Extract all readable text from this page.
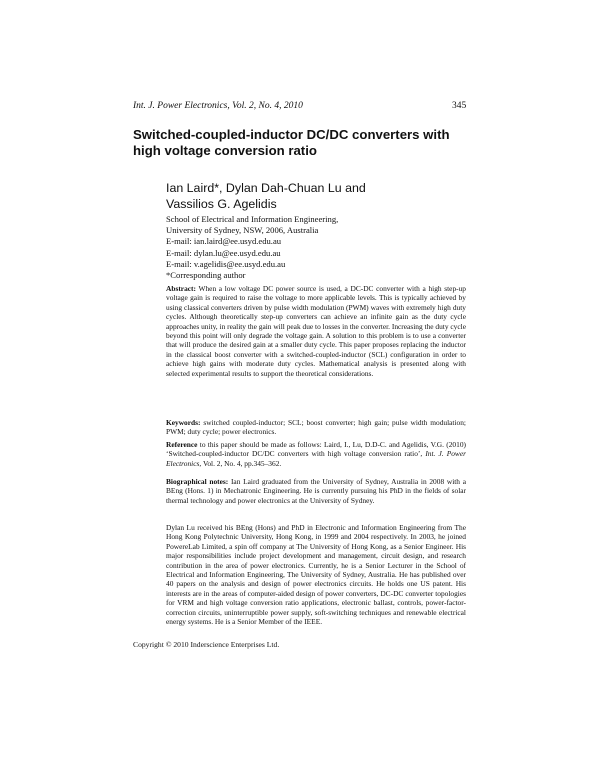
Int. J. Power Electronics, Vol. 2, No. 4, 2010	345
Switched-coupled-inductor DC/DC converters with high voltage conversion ratio
Ian Laird*, Dylan Dah-Chuan Lu and
Vassilios G. Agelidis
School of Electrical and Information Engineering,
University of Sydney, NSW, 2006, Australia
E-mail: ian.laird@ee.usyd.edu.au
E-mail: dylan.lu@ee.usyd.edu.au
E-mail: v.agelidis@ee.usyd.edu.au
*Corresponding author
Abstract: When a low voltage DC power source is used, a DC-DC converter with a high step-up voltage gain is required to raise the voltage to more applicable levels. This is typically achieved by using classical converters driven by pulse width modulation (PWM) waves with extremely high duty cycles. Although theoretically step-up converters can achieve an infinite gain as the duty cycle approaches unity, in reality the gain will peak due to losses in the converter. Increasing the duty cycle beyond this point will only degrade the voltage gain. A solution to this problem is to use a converter that will produce the desired gain at a smaller duty cycle. This paper proposes replacing the inductor in the classical boost converter with a switched-coupled-inductor (SCL) configuration in order to achieve high gains with moderate duty cycles. Mathematical analysis is presented along with selected experimental results to support the theoretical considerations.
Keywords: switched coupled-inductor; SCL; boost converter; high gain; pulse width modulation; PWM; duty cycle; power electronics.
Reference to this paper should be made as follows: Laird, I., Lu, D.D-C. and Agelidis, V.G. (2010) ‘Switched-coupled-inductor DC/DC converters with high voltage conversion ratio’, Int. J. Power Electronics, Vol. 2, No. 4, pp.345–362.
Biographical notes: Ian Laird graduated from the University of Sydney, Australia in 2008 with a BEng (Hons. 1) in Mechatronic Engineering. He is currently pursuing his PhD in the fields of solar thermal technology and power electronics at the University of Sydney.
Dylan Lu received his BEng (Hons) and PhD in Electronic and Information Engineering from The Hong Kong Polytechnic University, Hong Kong, in 1999 and 2004 respectively. In 2003, he joined PowereLab Limited, a spin off company at The University of Hong Kong, as a Senior Engineer. His major responsibilities include project development and management, circuit design, and research contribution in the area of power electronics. Currently, he is a Senior Lecturer in the School of Electrical and Information Engineering, The University of Sydney, Australia. He has published over 40 papers on the analysis and design of power electronics circuits. He holds one US patent. His interests are in the areas of computer-aided design of power converters, DC-DC converter topologies for VRM and high voltage conversion ratio applications, electronic ballast, controls, power-factor-correction circuits, uninterruptible power supply, soft-switching techniques and renewable electrical energy systems. He is a Senior Member of the IEEE.
Copyright © 2010 Inderscience Enterprises Ltd.
